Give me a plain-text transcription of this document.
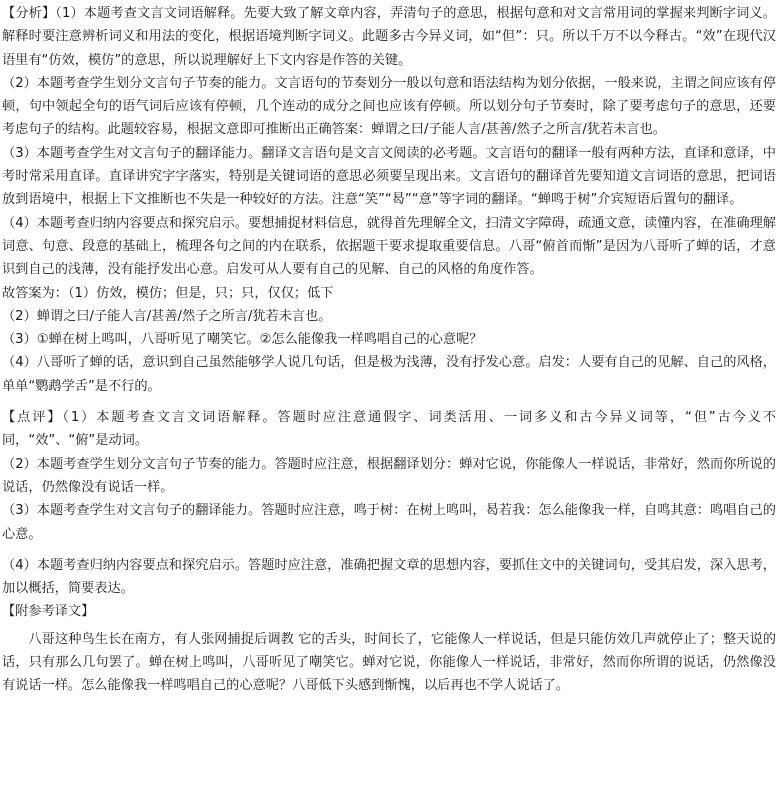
【分析】（1）本题考查文言文词语解释。先要大致了解文章内容，弄清句子的意思，根据句意和对文言常用词的掌握来判断字词义。解释时要注意辨析词义和用法的变化，根据语境判断字词义。此题多古今异义词，如“但”：只。所以千万不以今释古。“效”在现代汉语里有“仿效，模仿”的意思，所以说理解好上下文内容是作答的关键。

（2）本题考查学生划分文言句子节奏的能力。文言语句的节奏划分一般以句意和语法结构为划分依据，一般来说，主谓之间应该有停顿，句中领起全句的语气词后应该有停顿，几个连动的成分之间也应该有停顿。所以划分句子节奏时，除了要考虑句子的意思，还要考虑句子的结构。此题较容易，根据文意即可推断出正确答案：蝉谓之曰/子能人言/甚善/然子之所言/犹若未言也。

（3）本题考查学生对文言句子的翻译能力。翻译文言语句是文言文阅读的必考题。文言语句的翻译一般有两种方法，直译和意译，中考时常采用直译。直译讲究字字落实，特别是关键词语的意思必须要呈现出来。文言语句的翻译首先要知道文言词语的意思，把词语放到语境中，根据上下文推断也不失是一种较好的方法。注意“笑”“曷”“意”等字词的翻译。“蝉鸣于树”介宾短语后置句的翻译。

（4）本题考查归纳内容要点和探究启示。要想捕捉材料信息，就得首先理解全文，扫清文字障碍，疏通文意，读懂内容，在准确理解词意、句意、段意的基础上，梳理各句之间的内在联系，依据题干要求提取重要信息。八哥“俯首而惭”是因为八哥听了蝉的话，才意识到自己的浅薄，没有能抒发出心意。启发可从人要有自己的见解、自己的风格的角度作答。

故答案为：（1）仿效，模仿；但是，只；只，仅仅；低下

（2）蝉谓之曰/子能人言/甚善/然子之所言/犹若未言也。

（3）①蝉在树上鸣叫，八哥听见了嘲笑它。②怎么能像我一样鸣唱自己的心意呢？

（4）八哥听了蝉的话，意识到自己虽然能够学人说几句话，但是极为浅薄，没有抒发心意。启发：人要有自己的见解、自己的风格，单单“鹦鹉学舌”是不行的。

【点评】（1）本题考查文言文词语解释。答题时应注意通假字、词类活用、一词多义和古今异义词等，“但”古今义不同，“效”、“俯”是动词。

（2）本题考查学生划分文言句子节奏的能力。答题时应注意，根据翻译划分：蝉对它说，你能像人一样说话，非常好，然而你所说的说话，仍然像没有说话一样。

（3）本题考查学生对文言句子的翻译能力。答题时应注意，鸣于树：在树上鸣叫，曷若我：怎么能像我一样，自鸣其意：鸣唱自己的心意。

（4）本题考查归纳内容要点和探究启示。答题时应注意，准确把握文章的思想内容，要抓住文中的关键词句，受其启发，深入思考，加以概括，简要表达。

【附参考译文】

八哥这种鸟生长在南方，有人张网捕捉后调教 它的舌头，时间长了，它能像人一样说话，但是只能仿效几声就停止了；整天说的话，只有那么几句罢了。蝉在树上鸣叫，八哥听见了嘲笑它。蝉对它说，你能像人一样说话，非常好，然而你所谓的说话，仍然像没有说话一样。怎么能像我一样鸣唱自己的心意呢？八哥低下头感到惭愧，以后再也不学人说话了。
